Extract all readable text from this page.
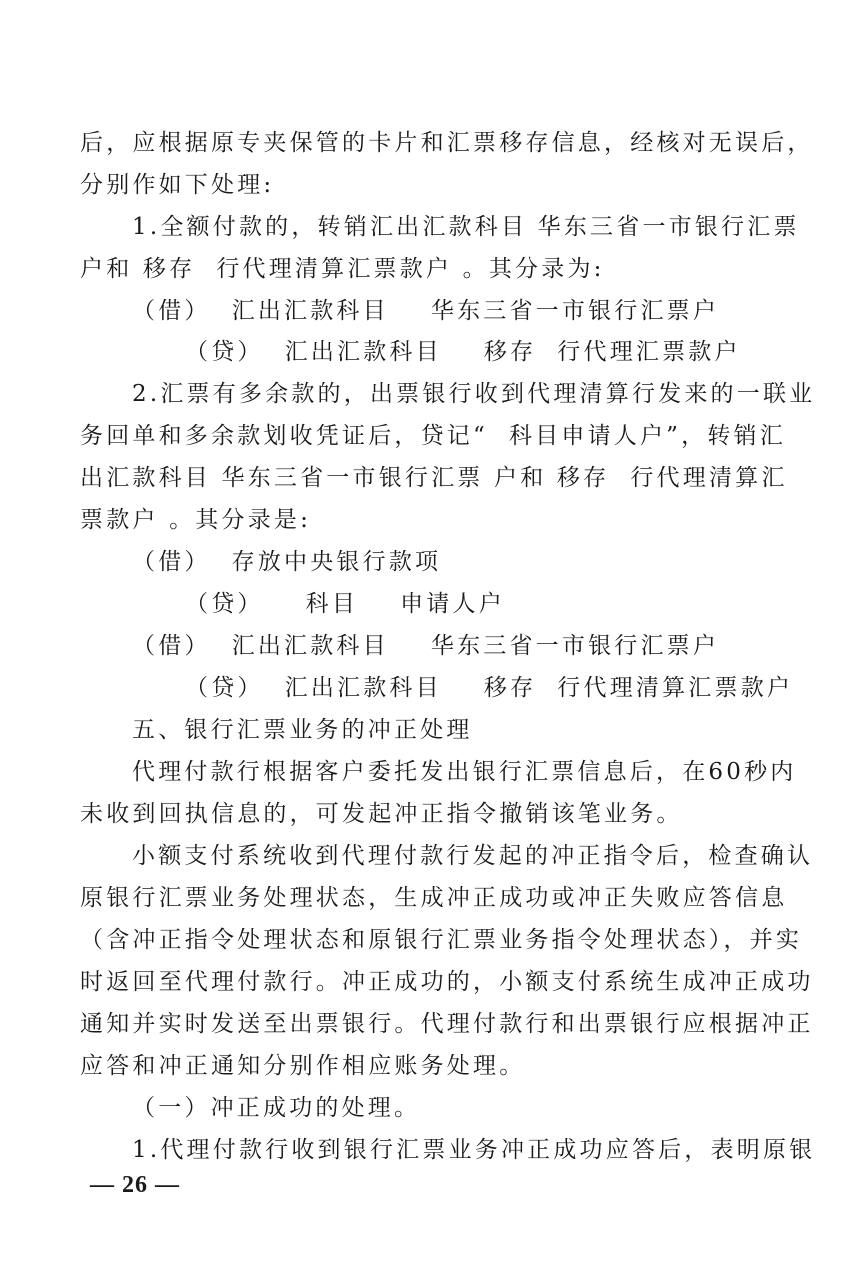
后，应根据原专夹保管的卡片和汇票移存信息，经核对无误后，
分别作如下处理:
1.全额付款的，转销汇出汇款科目 华东三省一市银行汇票
户和 移存  行代理清算汇票款户 。其分录为:
（借）  汇出汇款科目    华东三省一市银行汇票户
（贷）  汇出汇款科目    移存  行代理汇票款户
2.汇票有多余款的，出票银行收到代理清算行发来的一联业
务回单和多余款划收凭证后，贷记“  科目申请人户”，转销汇
出汇款科目 华东三省一市银行汇票 户和 移存  行代理清算汇
票款户 。其分录是:
（借）  存放中央银行款项
（贷）    科目    申请人户
（借）  汇出汇款科目    华东三省一市银行汇票户
（贷）  汇出汇款科目    移存  行代理清算汇票款户
五、银行汇票业务的冲正处理
代理付款行根据客户委托发出银行汇票信息后，在60秒内
未收到回执信息的，可发起冲正指令撤销该笔业务。
小额支付系统收到代理付款行发起的冲正指令后，检查确认
原银行汇票业务处理状态，生成冲正成功或冲正失败应答信息
（含冲正指令处理状态和原银行汇票业务指令处理状态），并实
时返回至代理付款行。冲正成功的，小额支付系统生成冲正成功
通知并实时发送至出票银行。代理付款行和出票银行应根据冲正
应答和冲正通知分别作相应账务处理。
（一）冲正成功的处理。
1.代理付款行收到银行汇票业务冲正成功应答后，表明原银
— 26 —
